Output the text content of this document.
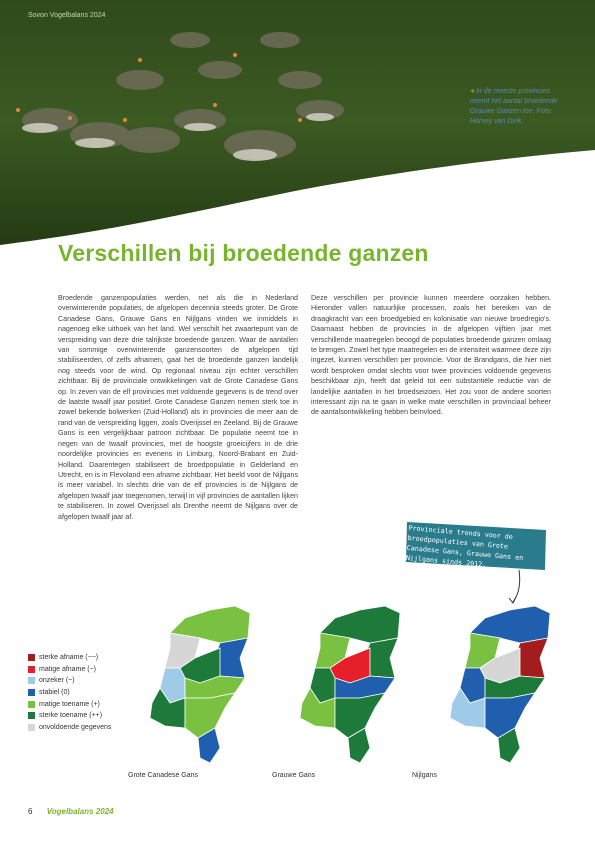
Sovon Vogelbalans 2024
◂ In de meeste provincies neemt het aantal broedende Grauwe Ganzen toe. Foto: Harvey van Diek
Verschillen bij broedende ganzen

Broedende ganzenpopulaties werden, net als die in Nederland overwinterende populaties, de afgelopen decennia steeds groter. De Grote Canadese Gans, Grauwe Gans en Nijlgans vinden we inmiddels in nagenoeg elke uithoek van het land. Wel verschilt het zwaartepunt van de verspreiding van deze drie talrijkste broedende ganzen. Waar de aantallen van sommige overwinterende ganzensoorten de afgelopen tijd stabiliseerden, of zelfs afnamen, gaat het de broedende ganzen landelijk nog steeds voor de wind. Op regionaal niveau zijn echter verschillen zichtbaar. Bij de provinciale ontwikkelingen valt de Grote Canadese Gans op. In zeven van de elf provincies met voldoende gegevens is de trend over de laatste twaalf jaar positief. Grote Canadese Ganzen nemen sterk toe in zowel bekende bolwerken (Zuid-Holland) als in provincies die meer aan de rand van de verspreiding liggen, zoals Overijssel en Zeeland. Bij de Grauwe Gans is een vergelijkbaar patroon zichtbaar. De populatie neemt toe in negen van de twaalf provincies, met de hoogste groeicijfers in de drie noordelijke provincies en evenens in Limburg, Noord-Brabant en Zuid-Holland. Daarentegen stabiliseert de broedpopulatie in Gelderland en Utrecht, en is in Flevoland een afname zichtbaar. Het beeld voor de Nijlgans is meer variabel. In slechts drie van de elf provincies is de Nijlgans de afgelopen twaalf jaar toegenomen, terwijl in vijf provincies de aantallen lijken te stabiliseren. In zowel Overijssel als Drenthe neemt de Nijlgans over de afgelopen twaalf jaar af.

Deze verschillen per provincie kunnen meerdere oorzaken hebben. Hieronder vallen natuurlijke processen, zoals het bereiken van de draagkracht van een broedgebied en kolonisatie van nieuwe broedregio's. Daarnaast hebben de provincies in de afgelopen vijftien jaar met verschillende maatregelen beoogd de populaties broedende ganzen omlaag te brengen. Zowel het type maatregelen en de intensiteit waarmee deze zijn ingezet, kunnen verschillen per provincie. Voor de Brandgans, die hier niet wordt besproken omdat slechts voor twee provincies voldoende gegevens beschikbaar zijn, heeft dat geleid tot een substantiële reductie van de landelijke aantallen in het broedseizoen. Het zou voor de andere soorten interessant zijn na te gaan in welke mate verschillen in provinciaal beheer de aantalsontwikkeling hebben beïnvloed.

Provinciale trends voor de broedpopulaties van Grote Canadese Gans, Grauwe Gans en Nijlgans sinds 2012.
sterke afname (−−)
matige afname (−)
onzeker (~)
stabiel (0)
matige toename (+)
sterke toename (++)
onvoldoende gegevens
Grote Canadese Gans	Grauwe Gans	Nijlgans
6 Vogelbalans 2024
